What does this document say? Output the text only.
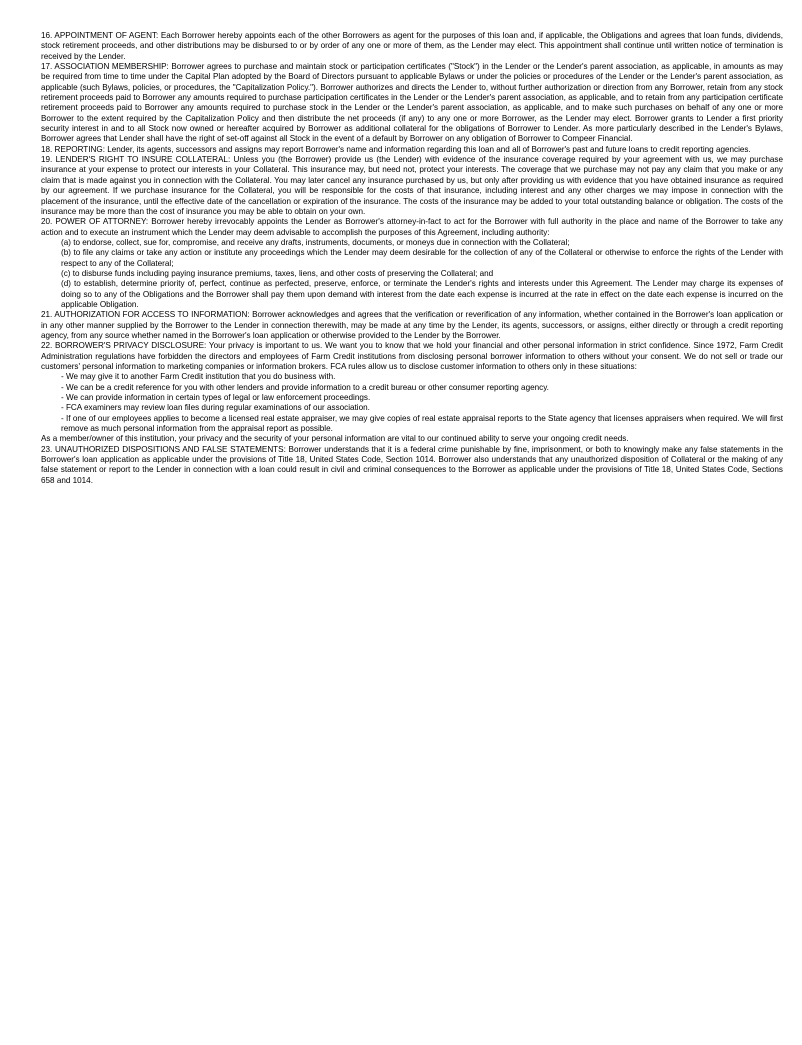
16. APPOINTMENT OF AGENT: Each Borrower hereby appoints each of the other Borrowers as agent for the purposes of this loan and, if applicable, the Obligations and agrees that loan funds, dividends, stock retirement proceeds, and other distributions may be disbursed to or by order of any one or more of them, as the Lender may elect. This appointment shall continue until written notice of termination is received by the Lender.

17. ASSOCIATION MEMBERSHIP: Borrower agrees to purchase and maintain stock or participation certificates ("Stock") in the Lender or the Lender's parent association, as applicable, in amounts as may be required from time to time under the Capital Plan adopted by the Board of Directors pursuant to applicable Bylaws or under the policies or procedures of the Lender or the Lender's parent association, as applicable (such Bylaws, policies, or procedures, the "Capitalization Policy."). Borrower authorizes and directs the Lender to, without further authorization or direction from any Borrower, retain from any stock retirement proceeds paid to Borrower any amounts required to purchase participation certificates in the Lender or the Lender's parent association, as applicable, and to retain from any participation certificate retirement proceeds paid to Borrower any amounts required to purchase stock in the Lender or the Lender's parent association, as applicable, and to make such purchases on behalf of any one or more Borrower to the extent required by the Capitalization Policy and then distribute the net proceeds (if any) to any one or more Borrower, as the Lender may elect. Borrower grants to Lender a first priority security interest in and to all Stock now owned or hereafter acquired by Borrower as additional collateral for the obligations of Borrower to Lender. As more particularly described in the Lender's Bylaws, Borrower agrees that Lender shall have the right of set-off against all Stock in the event of a default by Borrower on any obligation of Borrower to Compeer Financial.

18. REPORTING: Lender, its agents, successors and assigns may report Borrower's name and information regarding this loan and all of Borrower's past and future loans to credit reporting agencies.

19. LENDER'S RIGHT TO INSURE COLLATERAL: Unless you (the Borrower) provide us (the Lender) with evidence of the insurance coverage required by your agreement with us, we may purchase insurance at your expense to protect our interests in your Collateral. This insurance may, but need not, protect your interests. The coverage that we purchase may not pay any claim that you make or any claim that is made against you in connection with the Collateral. You may later cancel any insurance purchased by us, but only after providing us with evidence that you have obtained insurance as required by our agreement. If we purchase insurance for the Collateral, you will be responsible for the costs of that insurance, including interest and any other charges we may impose in connection with the placement of the insurance, until the effective date of the cancellation or expiration of the insurance. The costs of the insurance may be added to your total outstanding balance or obligation. The costs of the insurance may be more than the cost of insurance you may be able to obtain on your own.

20. POWER OF ATTORNEY: Borrower hereby irrevocably appoints the Lender as Borrower's attorney-in-fact to act for the Borrower with full authority in the place and name of the Borrower to take any action and to execute an instrument which the Lender may deem advisable to accomplish the purposes of this Agreement, including authority:

(a) to endorse, collect, sue for, compromise, and receive any drafts, instruments, documents, or moneys due in connection with the Collateral;

(b) to file any claims or take any action or institute any proceedings which the Lender may deem desirable for the collection of any of the Collateral or otherwise to enforce the rights of the Lender with respect to any of the Collateral;

(c) to disburse funds including paying insurance premiums, taxes, liens, and other costs of preserving the Collateral; and

(d) to establish, determine priority of, perfect, continue as perfected, preserve, enforce, or terminate the Lender's rights and interests under this Agreement. The Lender may charge its expenses of doing so to any of the Obligations and the Borrower shall pay them upon demand with interest from the date each expense is incurred at the rate in effect on the date each expense is incurred on the applicable Obligation.

21. AUTHORIZATION FOR ACCESS TO INFORMATION: Borrower acknowledges and agrees that the verification or reverification of any information, whether contained in the Borrower's loan application or in any other manner supplied by the Borrower to the Lender in connection therewith, may be made at any time by the Lender, its agents, successors, or assigns, either directly or through a credit reporting agency, from any source whether named in the Borrower's loan application or otherwise provided to the Lender by the Borrower.

22. BORROWER'S PRIVACY DISCLOSURE: Your privacy is important to us. We want you to know that we hold your financial and other personal information in strict confidence. Since 1972, Farm Credit Administration regulations have forbidden the directors and employees of Farm Credit institutions from disclosing personal borrower information to others without your consent. We do not sell or trade our customers' personal information to marketing companies or information brokers. FCA rules allow us to disclose customer information to others only in these situations:

- We may give it to another Farm Credit institution that you do business with.

- We can be a credit reference for you with other lenders and provide information to a credit bureau or other consumer reporting agency.

- We can provide information in certain types of legal or law enforcement proceedings.

- FCA examiners may review loan files during regular examinations of our association.

- If one of our employees applies to become a licensed real estate appraiser, we may give copies of real estate appraisal reports to the State agency that licenses appraisers when required. We will first remove as much personal information from the appraisal report as possible.

As a member/owner of this institution, your privacy and the security of your personal information are vital to our continued ability to serve your ongoing credit needs.

23. UNAUTHORIZED DISPOSITIONS AND FALSE STATEMENTS: Borrower understands that it is a federal crime punishable by fine, imprisonment, or both to knowingly make any false statements in the Borrower's loan application as applicable under the provisions of Title 18, United States Code, Section 1014. Borrower also understands that any unauthorized disposition of Collateral or the making of any false statement or report to the Lender in connection with a loan could result in civil and criminal consequences to the Borrower as applicable under the provisions of Title 18, United States Code, Sections 658 and 1014.
